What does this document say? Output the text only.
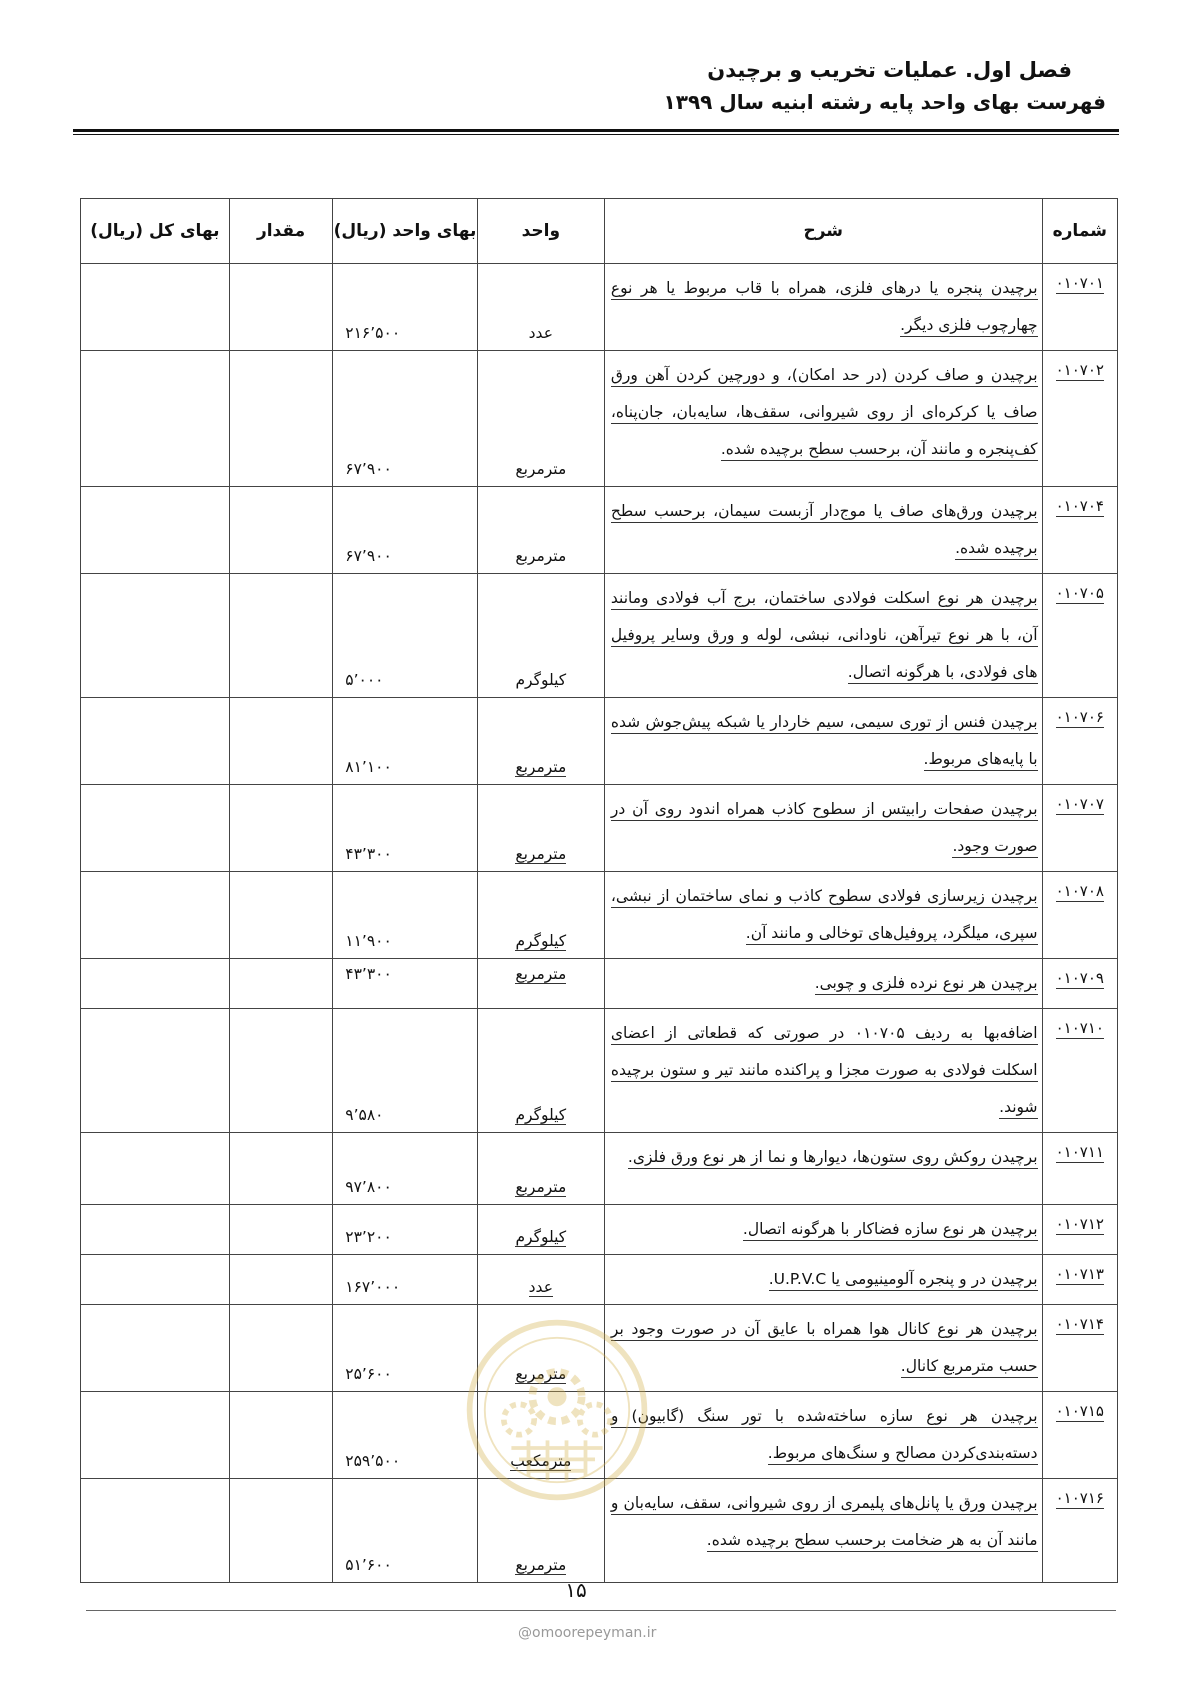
فصل اول. عملیات تخریب و برچیدن
فهرست بهای واحد پایه رشته ابنیه سال ۱۳۹۹
شماره	شرح	واحد	بهای واحد (ریال)	مقدار	بهای کل (ریال)
۰۱۰۷۰۱	برچیدن پنجره یا درهای فلزی، همراه با قاب مربوط یا هر نوع چهارچوب فلزی دیگر.	عدد	۲۱۶٬۵۰۰		
۰۱۰۷۰۲	برچیدن و صاف کردن (در حد امکان)، و دورچین کردن آهن ورق صاف یا کرکره‌ای از روی شیروانی، سقف‌ها، سایه‌بان، جان‌پناه، کف‌پنجره و مانند آن، برحسب سطح برچیده شده.	مترمربع	۶۷٬۹۰۰		
۰۱۰۷۰۴	برچیدن ورق‌های صاف یا موج‌دار آزبست سیمان، برحسب سطح برچیده شده.	مترمربع	۶۷٬۹۰۰		
۰۱۰۷۰۵	برچیدن هر نوع اسکلت فولادی ساختمان، برج آب فولادی ومانند آن، با هر نوع تیرآهن، ناودانی، نبشی، لوله و ورق وسایر پروفیل های فولادی، با هرگونه اتصال.	کیلوگرم	۵٬۰۰۰		
۰۱۰۷۰۶	برچیدن فنس از توری سیمی، سیم خاردار یا شبکه پیش‌جوش شده با پایه‌های مربوط.	مترمربع	۸۱٬۱۰۰		
۰۱۰۷۰۷	برچیدن صفحات رابیتس از سطوح کاذب همراه اندود روی آن در صورت وجود.	مترمربع	۴۳٬۳۰۰		
۰۱۰۷۰۸	برچیدن زیرسازی فولادی سطوح کاذب و نمای ساختمان از نبشی، سپری، میلگرد، پروفیل‌های توخالی و مانند آن.	کیلوگرم	۱۱٬۹۰۰		
۰۱۰۷۰۹	برچیدن هر نوع نرده فلزی و چوبی.	مترمربع	۴۳٬۳۰۰		
۰۱۰۷۱۰	اضافه‌بها به ردیف ۰۱۰۷۰۵ در صورتی که قطعاتی از اعضای اسکلت فولادی به صورت مجزا و پراکنده مانند تیر و ستون برچیده شوند.	کیلوگرم	۹٬۵۸۰		
۰۱۰۷۱۱	برچیدن روکش روی ستون‌ها، دیوارها و نما از هر نوع ورق فلزی.	مترمربع	۹۷٬۸۰۰		
۰۱۰۷۱۲	برچیدن هر نوع سازه فضاکار با هرگونه اتصال.	کیلوگرم	۲۳٬۲۰۰		
۰۱۰۷۱۳	برچیدن در و پنجره آلومینیومی یا U.P.V.C.	عدد	۱۶۷٬۰۰۰		
۰۱۰۷۱۴	برچیدن هر نوع کانال هوا همراه با عایق آن در صورت وجود بر حسب مترمربع کانال.	مترمربع	۲۵٬۶۰۰		
۰۱۰۷۱۵	برچیدن هر نوع سازه ساخته‌شده با تور سنگ (گابیون) و دسته‌بندی‌کردن مصالح و سنگ‌های مربوط.	مترمکعب	۲۵۹٬۵۰۰		
۰۱۰۷۱۶	برچیدن ورق یا پانل‌های پلیمری از روی شیروانی، سقف، سایه‌بان و مانند آن به هر ضخامت برحسب سطح برچیده شده.	مترمربع	۵۱٬۶۰۰		
۱۵
@omoorepeyman.ir
